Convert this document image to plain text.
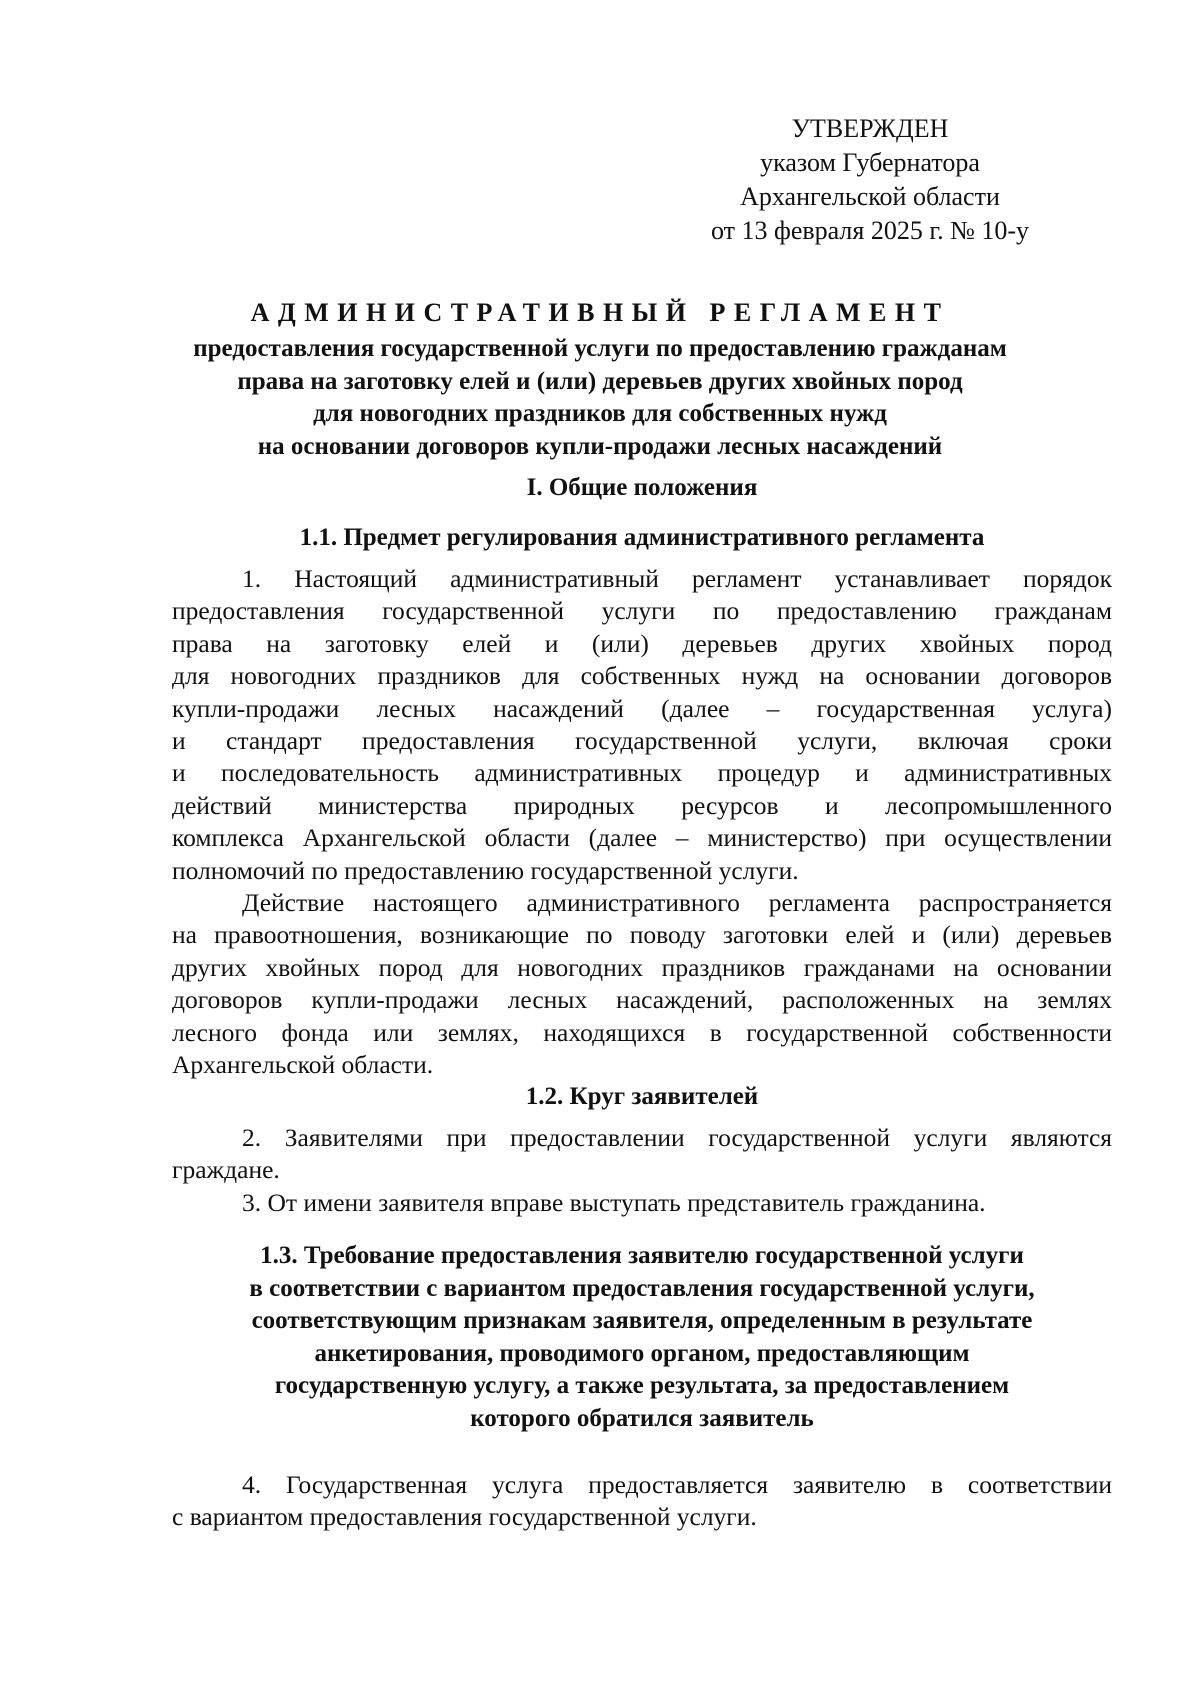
УТВЕРЖДЕН
указом Губернатора
Архангельской области
от 13 февраля 2025 г. № 10-у
АДМИНИСТРАТИВНЫЙ РЕГЛАМЕНТ
предоставления государственной услуги по предоставлению гражданам
права на заготовку елей и (или) деревьев других хвойных пород
для новогодних праздников для собственных нужд
на основании договоров купли-продажи лесных насаждений
I. Общие положения
1.1. Предмет регулирования административного регламента
1. Настоящий административный регламент устанавливает порядок
предоставления государственной услуги по предоставлению гражданам
права на заготовку елей и (или) деревьев других хвойных пород
для новогодних праздников для собственных нужд на основании договоров
купли-продажи лесных насаждений (далее – государственная услуга)
и стандарт предоставления государственной услуги, включая сроки
и последовательность административных процедур и административных
действий министерства природных ресурсов и лесопромышленного
комплекса Архангельской области (далее – министерство) при осуществлении
полномочий по предоставлению государственной услуги.
Действие настоящего административного регламента распространяется
на правоотношения, возникающие по поводу заготовки елей и (или) деревьев
других хвойных пород для новогодних праздников гражданами на основании
договоров купли-продажи лесных насаждений, расположенных на землях
лесного фонда или землях, находящихся в государственной собственности
Архангельской области.
1.2. Круг заявителей
2. Заявителями при предоставлении государственной услуги являются
граждане.
3. От имени заявителя вправе выступать представитель гражданина.
1.3. Требование предоставления заявителю государственной услуги
в соответствии с вариантом предоставления государственной услуги,
соответствующим признакам заявителя, определенным в результате
анкетирования, проводимого органом, предоставляющим
государственную услугу, а также результата, за предоставлением
которого обратился заявитель
4. Государственная услуга предоставляется заявителю в соответствии
с вариантом предоставления государственной услуги.
